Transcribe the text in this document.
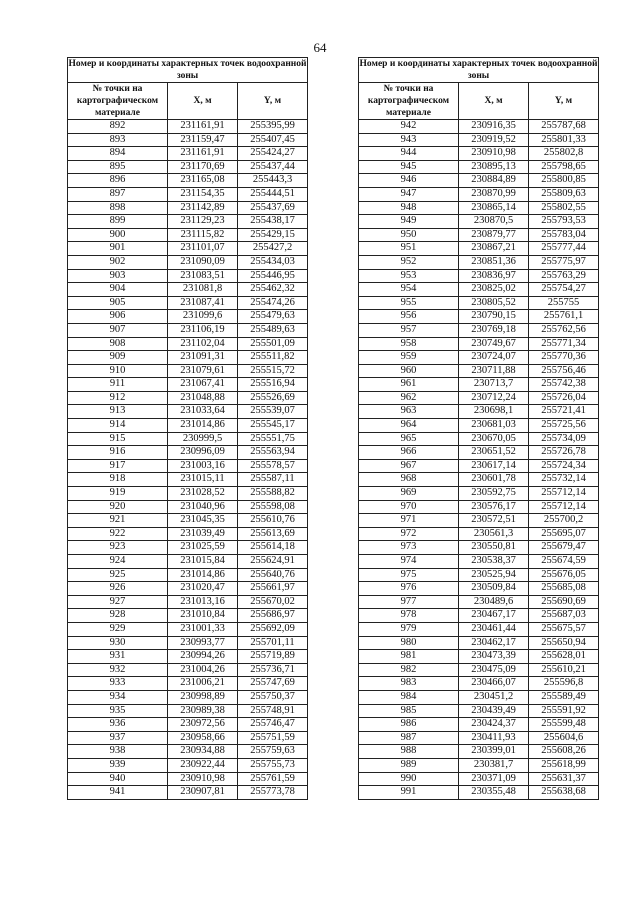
64
Номер и координаты характерных точек водоохранной зоны		
№ точки на картографическом материале	X, м	Y, м
892	231161,91	255395,99
893	231159,47	255407,45
894	231161,91	255424,27
895	231170,69	255437,44
896	231165,08	255443,3
897	231154,35	255444,51
898	231142,89	255437,69
899	231129,23	255438,17
900	231115,82	255429,15
901	231101,07	255427,2
902	231090,09	255434,03
903	231083,51	255446,95
904	231081,8	255462,32
905	231087,41	255474,26
906	231099,6	255479,63
907	231106,19	255489,63
908	231102,04	255501,09
909	231091,31	255511,82
910	231079,61	255515,72
911	231067,41	255516,94
912	231048,88	255526,69
913	231033,64	255539,07
914	231014,86	255545,17
915	230999,5	255551,75
916	230996,09	255563,94
917	231003,16	255578,57
918	231015,11	255587,11
919	231028,52	255588,82
920	231040,96	255598,08
921	231045,35	255610,76
922	231039,49	255613,69
923	231025,59	255614,18
924	231015,84	255624,91
925	231014,86	255640,76
926	231020,47	255661,97
927	231013,16	255670,02
928	231010,84	255686,97
929	231001,33	255692,09
930	230993,77	255701,11
931	230994,26	255719,89
932	231004,26	255736,71
933	231006,21	255747,69
934	230998,89	255750,37
935	230989,38	255748,91
936	230972,56	255746,47
937	230958,66	255751,59
938	230934,88	255759,63
939	230922,44	255755,73
940	230910,98	255761,59
941	230907,81	255773,78
Номер и координаты характерных точек водоохранной зоны		
№ точки на картографическом материале	X, м	Y, м
942	230916,35	255787,68
943	230919,52	255801,33
944	230910,98	255802,8
945	230895,13	255798,65
946	230884,89	255800,85
947	230870,99	255809,63
948	230865,14	255802,55
949	230870,5	255793,53
950	230879,77	255783,04
951	230867,21	255777,44
952	230851,36	255775,97
953	230836,97	255763,29
954	230825,02	255754,27
955	230805,52	255755
956	230790,15	255761,1
957	230769,18	255762,56
958	230749,67	255771,34
959	230724,07	255770,36
960	230711,88	255756,46
961	230713,7	255742,38
962	230712,24	255726,04
963	230698,1	255721,41
964	230681,03	255725,56
965	230670,05	255734,09
966	230651,52	255726,78
967	230617,14	255724,34
968	230601,78	255732,14
969	230592,75	255712,14
970	230576,17	255712,14
971	230572,51	255700,2
972	230561,3	255695,07
973	230550,81	255679,47
974	230538,37	255674,59
975	230525,94	255676,05
976	230509,84	255685,08
977	230489,6	255690,69
978	230467,17	255687,03
979	230461,44	255675,57
980	230462,17	255650,94
981	230473,39	255628,01
982	230475,09	255610,21
983	230466,07	255596,8
984	230451,2	255589,49
985	230439,49	255591,92
986	230424,37	255599,48
987	230411,93	255604,6
988	230399,01	255608,26
989	230381,7	255618,99
990	230371,09	255631,37
991	230355,48	255638,68
